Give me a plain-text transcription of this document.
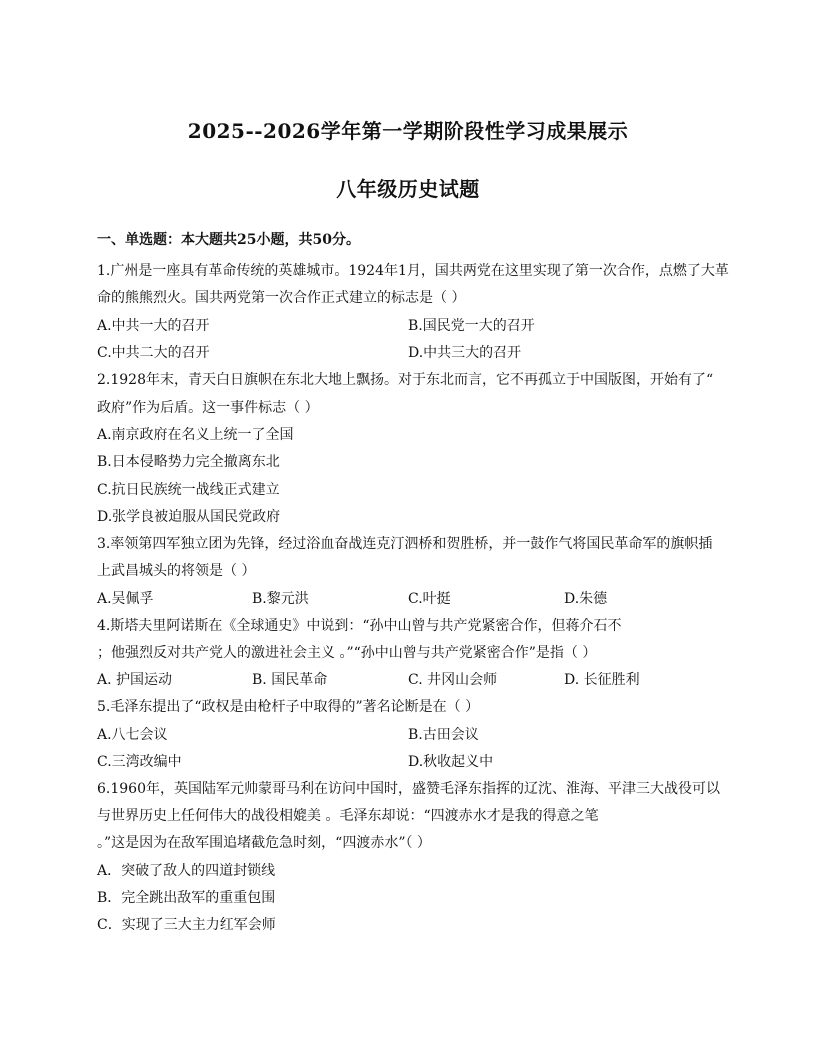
2025--2026学年第一学期阶段性学习成果展示
八年级历史试题
一、单选题：本大题共25小题，共50分。
1.广州是一座具有革命传统的英雄城市。1924年1月，国共两党在这里实现了第一次合作，点燃了大革
命的熊熊烈火。国共两党第一次合作正式建立的标志是（ ）
A.中共一大的召开	B.国民党一大的召开
C.中共二大的召开	D.中共三大的召开
2.1928年末，青天白日旗帜在东北大地上飘扬。对于东北而言，它不再孤立于中国版图，开始有了“
政府”作为后盾。这一事件标志（ ）
A.南京政府在名义上统一了全国
B.日本侵略势力完全撤离东北
C.抗日民族统一战线正式建立
D.张学良被迫服从国民党政府
3.率领第四军独立团为先锋，经过浴血奋战连克汀泗桥和贺胜桥，并一鼓作气将国民革命军的旗帜插
上武昌城头的将领是（ ）
A.吴佩孚	B.黎元洪	C.叶挺	D.朱德
4.斯塔夫里阿诺斯在《全球通史》中说到：“孙中山曾与共产党紧密合作，但蒋介石不
；他强烈反对共产党人的激进社会主义 。”“孙中山曾与共产党紧密合作”是指（ ）
A. 护国运动	B. 国民革命	C. 井冈山会师	D. 长征胜利
5.毛泽东提出了“政权是由枪杆子中取得的”著名论断是在（ ）
A.八七会议	B.古田会议
C.三湾改编中	D.秋收起义中
6.1960年，英国陆军元帅蒙哥马利在访问中国时，盛赞毛泽东指挥的辽沈、淮海、平津三大战役可以
与世界历史上任何伟大的战役相媲美 。毛泽东却说：“四渡赤水才是我的得意之笔
。”这是因为在敌军围追堵截危急时刻，“四渡赤水”（ ）
A．突破了敌人的四道封锁线
B．完全跳出敌军的重重包围
C．实现了三大主力红军会师
